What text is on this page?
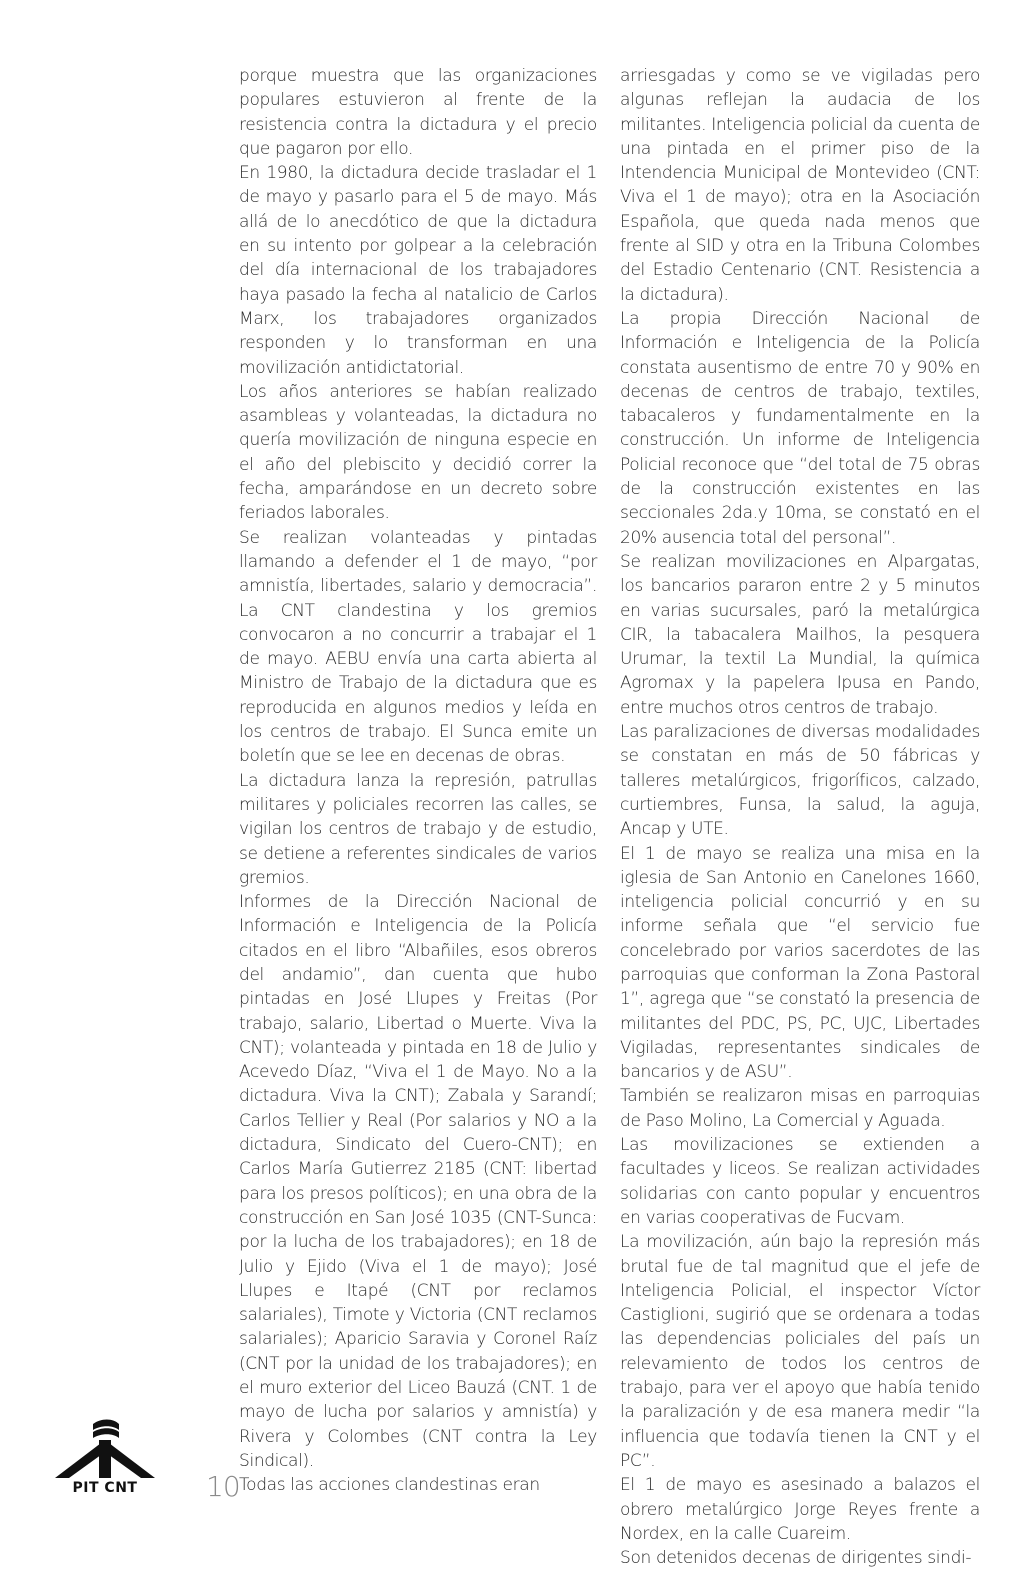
porque muestra que las organizaciones populares estuvieron al frente de la resistencia contra la dictadura y el precio que pagaron por ello.

En 1980, la dictadura decide trasladar el 1 de mayo y pasarlo para el 5 de mayo. Más allá de lo anecdótico de que la dictadura en su intento por golpear a la celebración del día internacional de los trabajadores haya pasado la fecha al natalicio de Carlos Marx, los trabajadores organizados responden y lo transforman en una movilización antidictatorial.

Los años anteriores se habían realizado asambleas y volanteadas, la dictadura no quería movilización de ninguna especie en el año del plebiscito y decidió correr la fecha, amparándose en un decreto sobre feriados laborales.

Se realizan volanteadas y pintadas llamando a defender el 1 de mayo, “por amnistía, libertades, salario y democracia”. La CNT clandestina y los gremios convocaron a no concurrir a trabajar el 1 de mayo. AEBU envía una carta abierta al Ministro de Trabajo de la dictadura que es reproducida en algunos medios y leída en los centros de trabajo. El Sunca emite un boletín que se lee en decenas de obras.

La dictadura lanza la represión, patrullas militares y policiales recorren las calles, se vigilan los centros de trabajo y de estudio, se detiene a referentes sindicales de varios gremios.

Informes de la Dirección Nacional de Información e Inteligencia de la Policía citados en el libro “Albañiles, esos obreros del andamio”, dan cuenta que hubo pintadas en José Llupes y Freitas (Por trabajo, salario, Libertad o Muerte. Viva la CNT); volanteada y pintada en 18 de Julio y Acevedo Díaz, “Viva el 1 de Mayo. No a la dictadura. Viva la CNT); Zabala y Sarandí; Carlos Tellier y Real (Por salarios y NO a la dictadura, Sindicato del Cuero-CNT); en Carlos María Gutierrez 2185 (CNT: libertad para los presos políticos); en una obra de la construcción en San José 1035 (CNT-Sunca: por la lucha de los trabajadores); en 18 de Julio y Ejido (Viva el 1 de mayo); José Llupes e Itapé (CNT por reclamos salariales), Timote y Victoria (CNT reclamos salariales); Aparicio Saravia y Coronel Raíz (CNT por la unidad de los trabajadores); en el muro exterior del Liceo Bauzá (CNT. 1 de mayo de lucha por salarios y amnistía) y Rivera y Colombes (CNT contra la Ley Sindical).

Todas las acciones clandestinas eran

arriesgadas y como se ve vigiladas pero algunas reflejan la audacia de los militantes. Inteligencia policial da cuenta de una pintada en el primer piso de la Intendencia Municipal de Montevideo (CNT: Viva el 1 de mayo); otra en la Asociación Española, que queda nada menos que frente al SID y otra en la Tribuna Colombes del Estadio Centenario (CNT. Resistencia a la dictadura).

La propia Dirección Nacional de Información e Inteligencia de la Policía constata ausentismo de entre 70 y 90% en decenas de centros de trabajo, textiles, tabacaleros y fundamentalmente en la construcción. Un informe de Inteligencia Policial reconoce que “del total de 75 obras de la construcción existentes en las seccionales 2da.y 10ma, se constató en el 20% ausencia total del personal”.

Se realizan movilizaciones en Alpargatas, los bancarios pararon entre 2 y 5 minutos en varias sucursales, paró la metalúrgica CIR, la tabacalera Mailhos, la pesquera Urumar, la textil La Mundial, la química Agromax y la papelera Ipusa en Pando, entre muchos otros centros de trabajo.

Las paralizaciones de diversas modalidades se constatan en más de 50 fábricas y talleres metalúrgicos, frigoríficos, calzado, curtiembres, Funsa, la salud, la aguja, Ancap y UTE.

El 1 de mayo se realiza una misa en la iglesia de San Antonio en Canelones 1660, inteligencia policial concurrió y en su informe señala que “el servicio fue concelebrado por varios sacerdotes de las parroquias que conforman la Zona Pastoral 1”, agrega que “se constató la presencia de militantes del PDC, PS, PC, UJC, Libertades Vigiladas, representantes sindicales de bancarios y de ASU”.

También se realizaron misas en parroquias de Paso Molino, La Comercial y Aguada.

Las movilizaciones se extienden a facultades y liceos. Se realizan actividades solidarias con canto popular y encuentros en varias cooperativas de Fucvam.

La movilización, aún bajo la represión más brutal fue de tal magnitud que el jefe de Inteligencia Policial, el inspector Víctor Castiglioni, sugirió que se ordenara a todas las dependencias policiales del país un relevamiento de todos los centros de trabajo, para ver el apoyo que había tenido la paralización y de esa manera medir “la influencia que todavía tienen la CNT y el PC”.

El 1 de mayo es asesinado a balazos el obrero metalúrgico Jorge Reyes frente a Nordex, en la calle Cuareim.

Son detenidos decenas de dirigentes sindi-

PIT CNT	10
